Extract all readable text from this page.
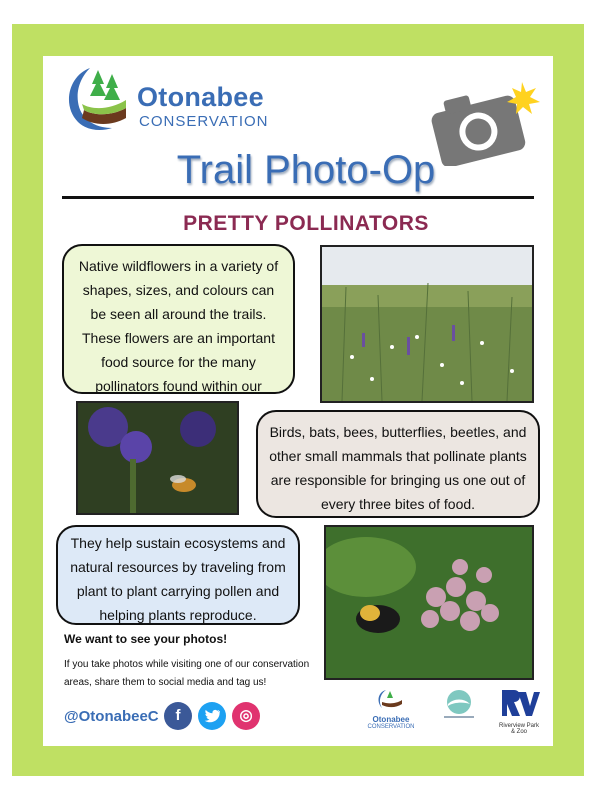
Otonabee
CONSERVATION
Trail Photo-Op
PRETTY POLLINATORS
Native wildflowers in a variety of shapes, sizes, and colours can be seen all around the trails. These flowers are an important food source for the many pollinators found within our
Birds, bats, bees, butterflies, beetles, and other small mammals that pollinate plants are responsible for bringing us one out of every three bites of food.
They help sustain ecosystems and natural resources by traveling from plant to plant carrying pollen and helping plants reproduce.
We want to see your photos!
If you take photos while visiting one of our conservation areas, share them to social media and tag us!
@OtonabeeC	f	◎	Otonabee
CONSERVATION	Riverview Park & Zoo
